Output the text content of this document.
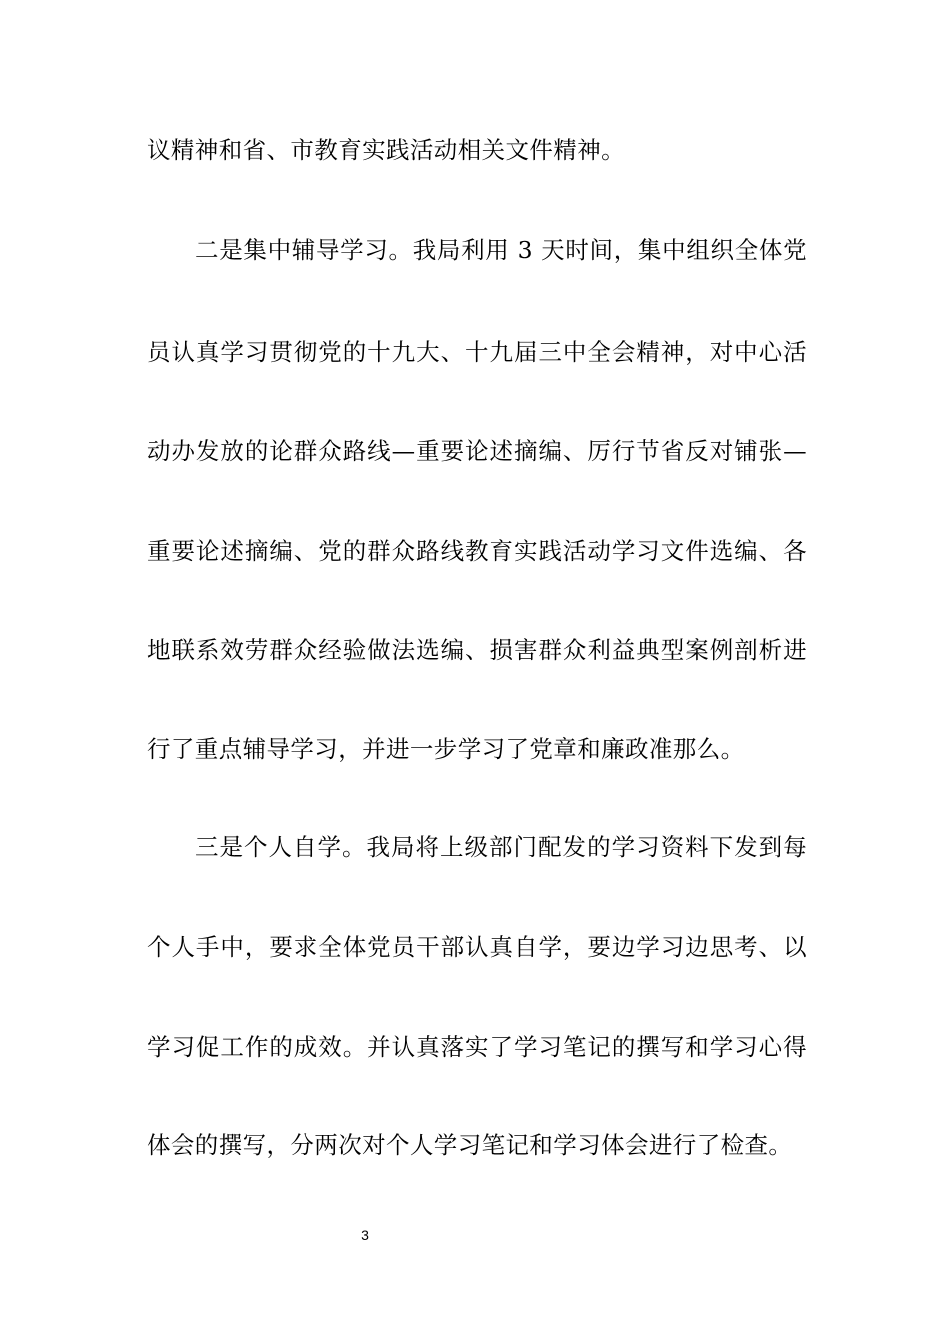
议精神和省、市教育实践活动相关文件精神。
二是集中辅导学习。我局利用 3 天时间，集中组织全体党
员认真学习贯彻党的十九大、十九届三中全会精神，对中心活
动办发放的论群众路线—重要论述摘编、厉行节省反对铺张—
重要论述摘编、党的群众路线教育实践活动学习文件选编、各
地联系效劳群众经验做法选编、损害群众利益典型案例剖析进
行了重点辅导学习，并进一步学习了党章和廉政准那么。
三是个人自学。我局将上级部门配发的学习资料下发到每
个人手中，要求全体党员干部认真自学，要边学习边思考、以
学习促工作的成效。并认真落实了学习笔记的撰写和学习心得
体会的撰写，分两次对个人学习笔记和学习体会进行了检查。
3
